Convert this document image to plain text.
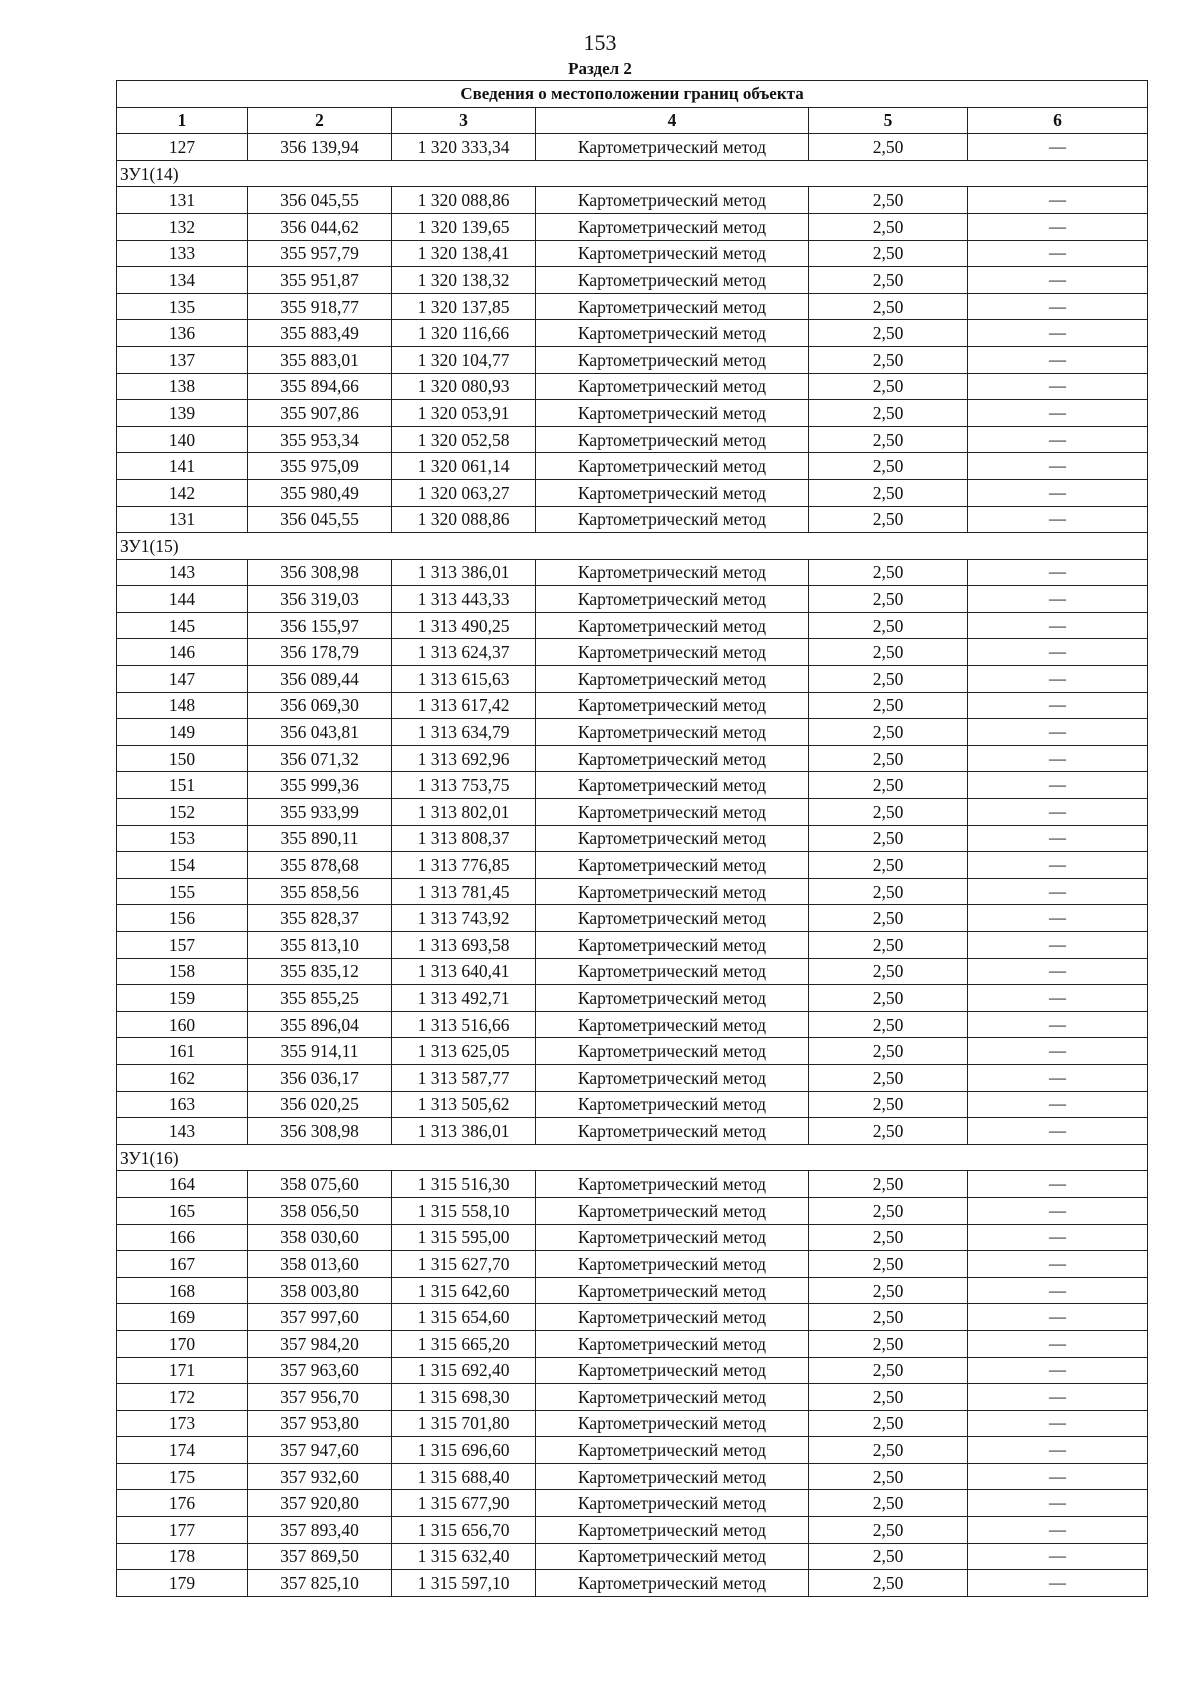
153
Раздел 2
Сведения о местоположении границ объекта					
1	2	3	4	5	6
127	356 139,94	1 320 333,34	Картометрический метод	2,50	—
ЗУ1(14)					
131	356 045,55	1 320 088,86	Картометрический метод	2,50	—
132	356 044,62	1 320 139,65	Картометрический метод	2,50	—
133	355 957,79	1 320 138,41	Картометрический метод	2,50	—
134	355 951,87	1 320 138,32	Картометрический метод	2,50	—
135	355 918,77	1 320 137,85	Картометрический метод	2,50	—
136	355 883,49	1 320 116,66	Картометрический метод	2,50	—
137	355 883,01	1 320 104,77	Картометрический метод	2,50	—
138	355 894,66	1 320 080,93	Картометрический метод	2,50	—
139	355 907,86	1 320 053,91	Картометрический метод	2,50	—
140	355 953,34	1 320 052,58	Картометрический метод	2,50	—
141	355 975,09	1 320 061,14	Картометрический метод	2,50	—
142	355 980,49	1 320 063,27	Картометрический метод	2,50	—
131	356 045,55	1 320 088,86	Картометрический метод	2,50	—
ЗУ1(15)					
143	356 308,98	1 313 386,01	Картометрический метод	2,50	—
144	356 319,03	1 313 443,33	Картометрический метод	2,50	—
145	356 155,97	1 313 490,25	Картометрический метод	2,50	—
146	356 178,79	1 313 624,37	Картометрический метод	2,50	—
147	356 089,44	1 313 615,63	Картометрический метод	2,50	—
148	356 069,30	1 313 617,42	Картометрический метод	2,50	—
149	356 043,81	1 313 634,79	Картометрический метод	2,50	—
150	356 071,32	1 313 692,96	Картометрический метод	2,50	—
151	355 999,36	1 313 753,75	Картометрический метод	2,50	—
152	355 933,99	1 313 802,01	Картометрический метод	2,50	—
153	355 890,11	1 313 808,37	Картометрический метод	2,50	—
154	355 878,68	1 313 776,85	Картометрический метод	2,50	—
155	355 858,56	1 313 781,45	Картометрический метод	2,50	—
156	355 828,37	1 313 743,92	Картометрический метод	2,50	—
157	355 813,10	1 313 693,58	Картометрический метод	2,50	—
158	355 835,12	1 313 640,41	Картометрический метод	2,50	—
159	355 855,25	1 313 492,71	Картометрический метод	2,50	—
160	355 896,04	1 313 516,66	Картометрический метод	2,50	—
161	355 914,11	1 313 625,05	Картометрический метод	2,50	—
162	356 036,17	1 313 587,77	Картометрический метод	2,50	—
163	356 020,25	1 313 505,62	Картометрический метод	2,50	—
143	356 308,98	1 313 386,01	Картометрический метод	2,50	—
ЗУ1(16)					
164	358 075,60	1 315 516,30	Картометрический метод	2,50	—
165	358 056,50	1 315 558,10	Картометрический метод	2,50	—
166	358 030,60	1 315 595,00	Картометрический метод	2,50	—
167	358 013,60	1 315 627,70	Картометрический метод	2,50	—
168	358 003,80	1 315 642,60	Картометрический метод	2,50	—
169	357 997,60	1 315 654,60	Картометрический метод	2,50	—
170	357 984,20	1 315 665,20	Картометрический метод	2,50	—
171	357 963,60	1 315 692,40	Картометрический метод	2,50	—
172	357 956,70	1 315 698,30	Картометрический метод	2,50	—
173	357 953,80	1 315 701,80	Картометрический метод	2,50	—
174	357 947,60	1 315 696,60	Картометрический метод	2,50	—
175	357 932,60	1 315 688,40	Картометрический метод	2,50	—
176	357 920,80	1 315 677,90	Картометрический метод	2,50	—
177	357 893,40	1 315 656,70	Картометрический метод	2,50	—
178	357 869,50	1 315 632,40	Картометрический метод	2,50	—
179	357 825,10	1 315 597,10	Картометрический метод	2,50	—
